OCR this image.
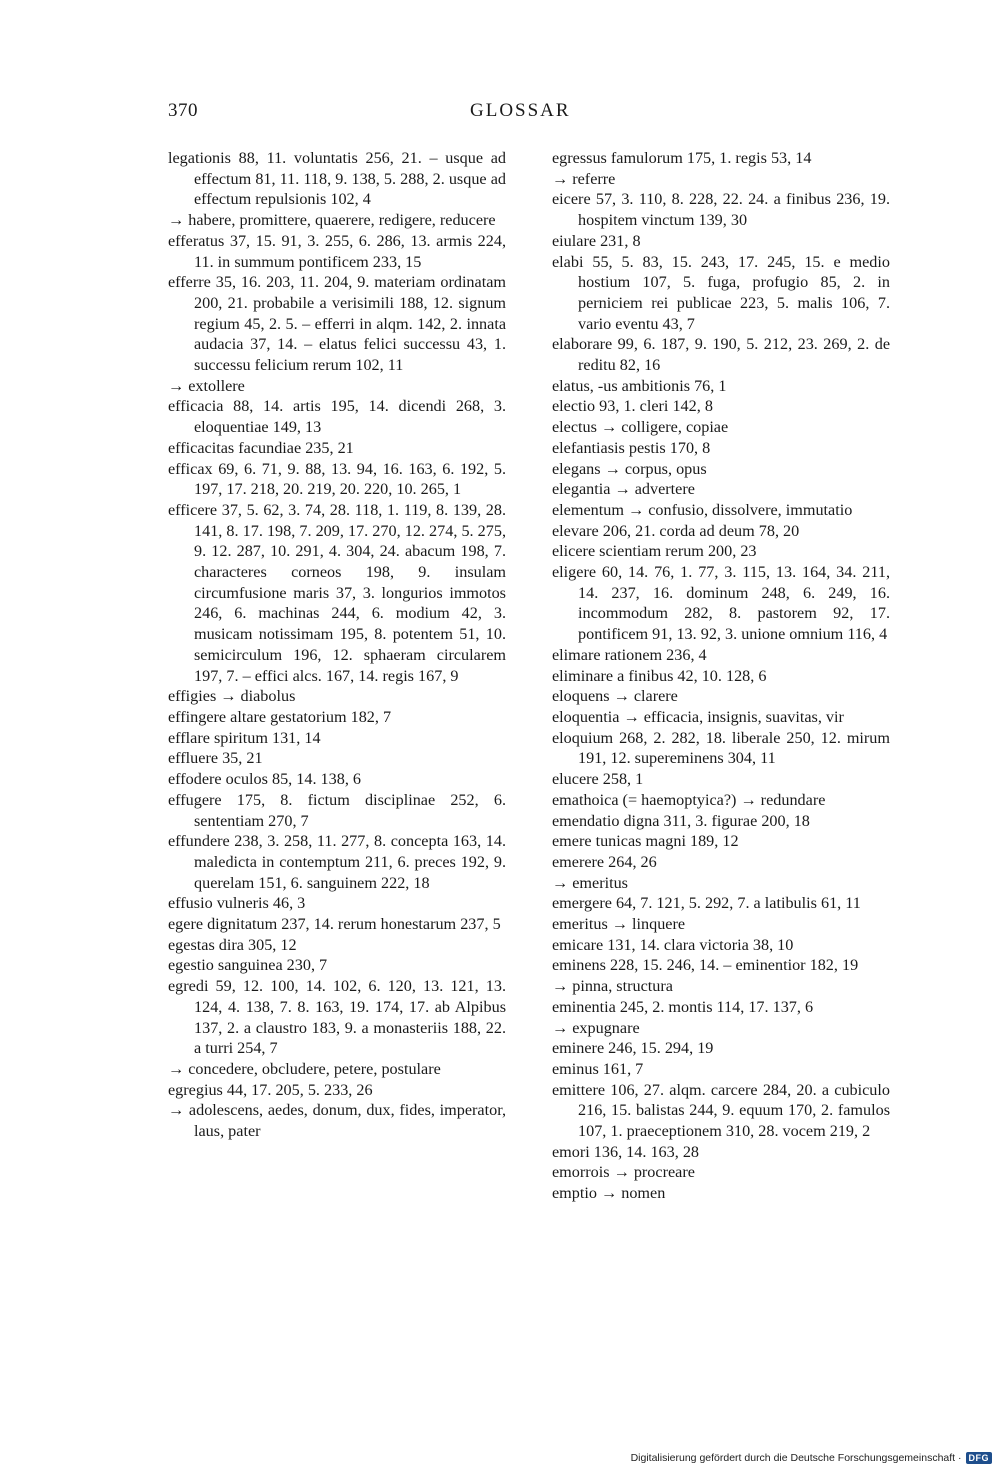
370	GLOSSAR
legationis 88, 11. voluntatis 256, 21. – usque ad effectum 81, 11. 118, 9. 138, 5. 288, 2. usque ad effectum repulsionis 102, 4
→ habere, promittere, quaerere, redigere, reducere
efferatus 37, 15. 91, 3. 255, 6. 286, 13. armis 224, 11. in summum pontificem 233, 15
efferre 35, 16. 203, 11. 204, 9. materiam ordinatam 200, 21. probabile a verisimili 188, 12. signum regium 45, 2. 5. – efferri in alqm. 142, 2. innata audacia 37, 14. – elatus felici successu 43, 1. successu felicium rerum 102, 11
→ extollere
efficacia 88, 14. artis 195, 14. dicendi 268, 3. eloquentiae 149, 13
efficacitas facundiae 235, 21
efficax 69, 6. 71, 9. 88, 13. 94, 16. 163, 6. 192, 5. 197, 17. 218, 20. 219, 20. 220, 10. 265, 1
efficere 37, 5. 62, 3. 74, 28. 118, 1. 119, 8. 139, 28. 141, 8. 17. 198, 7. 209, 17. 270, 12. 274, 5. 275, 9. 12. 287, 10. 291, 4. 304, 24. abacum 198, 7. characteres corneos 198, 9. insulam circumfusione maris 37, 3. longurios immotos 246, 6. machinas 244, 6. modium 42, 3. musicam notissimam 195, 8. potentem 51, 10. semicirculum 196, 12. sphaeram circularem 197, 7. – effici alcs. 167, 14. regis 167, 9
effigies → diabolus
effingere altare gestatorium 182, 7
efflare spiritum 131, 14
effluere 35, 21
effodere oculos 85, 14. 138, 6
effugere 175, 8. fictum disciplinae 252, 6. sententiam 270, 7
effundere 238, 3. 258, 11. 277, 8. concepta 163, 14. maledicta in contemptum 211, 6. preces 192, 9. querelam 151, 6. sanguinem 222, 18
effusio vulneris 46, 3
egere dignitatum 237, 14. rerum honestarum 237, 5
egestas dira 305, 12
egestio sanguinea 230, 7
egredi 59, 12. 100, 14. 102, 6. 120, 13. 121, 13. 124, 4. 138, 7. 8. 163, 19. 174, 17. ab Alpibus 137, 2. a claustro 183, 9. a monasteriis 188, 22. a turri 254, 7
→ concedere, obcludere, petere, postulare
egregius 44, 17. 205, 5. 233, 26
→ adolescens, aedes, donum, dux, fides, imperator, laus, pater
egressus famulorum 175, 1. regis 53, 14
→ referre
eicere 57, 3. 110, 8. 228, 22. 24. a finibus 236, 19. hospitem vinctum 139, 30
eiulare 231, 8
elabi 55, 5. 83, 15. 243, 17. 245, 15. e medio hostium 107, 5. fuga, profugio 85, 2. in perniciem rei publicae 223, 5. malis 106, 7. vario eventu 43, 7
elaborare 99, 6. 187, 9. 190, 5. 212, 23. 269, 2. de reditu 82, 16
elatus, -us ambitionis 76, 1
electio 93, 1. cleri 142, 8
electus → colligere, copiae
elefantiasis pestis 170, 8
elegans → corpus, opus
elegantia → advertere
elementum → confusio, dissolvere, immutatio
elevare 206, 21. corda ad deum 78, 20
elicere scientiam rerum 200, 23
eligere 60, 14. 76, 1. 77, 3. 115, 13. 164, 34. 211, 14. 237, 16. dominum 248, 6. 249, 16. incommodum 282, 8. pastorem 92, 17. pontificem 91, 13. 92, 3. unione omnium 116, 4
elimare rationem 236, 4
eliminare a finibus 42, 10. 128, 6
eloquens → clarere
eloquentia → efficacia, insignis, suavitas, vir
eloquium 268, 2. 282, 18. liberale 250, 12. mirum 191, 12. supereminens 304, 11
elucere 258, 1
emathoica (= haemoptyica?) → redundare
emendatio digna 311, 3. figurae 200, 18
emere tunicas magni 189, 12
emerere 264, 26
→ emeritus
emergere 64, 7. 121, 5. 292, 7. a latibulis 61, 11
emeritus → linquere
emicare 131, 14. clara victoria 38, 10
eminens 228, 15. 246, 14. – eminentior 182, 19
→ pinna, structura
eminentia 245, 2. montis 114, 17. 137, 6
→ expugnare
eminere 246, 15. 294, 19
eminus 161, 7
emittere 106, 27. alqm. carcere 284, 20. a cubiculo 216, 15. balistas 244, 9. equum 170, 2. famulos 107, 1. praeceptionem 310, 28. vocem 219, 2
emori 136, 14. 163, 28
emorrois → procreare
emptio → nomen
Digitalisierung gefördert durch die Deutsche Forschungsgemeinschaft · DFG
